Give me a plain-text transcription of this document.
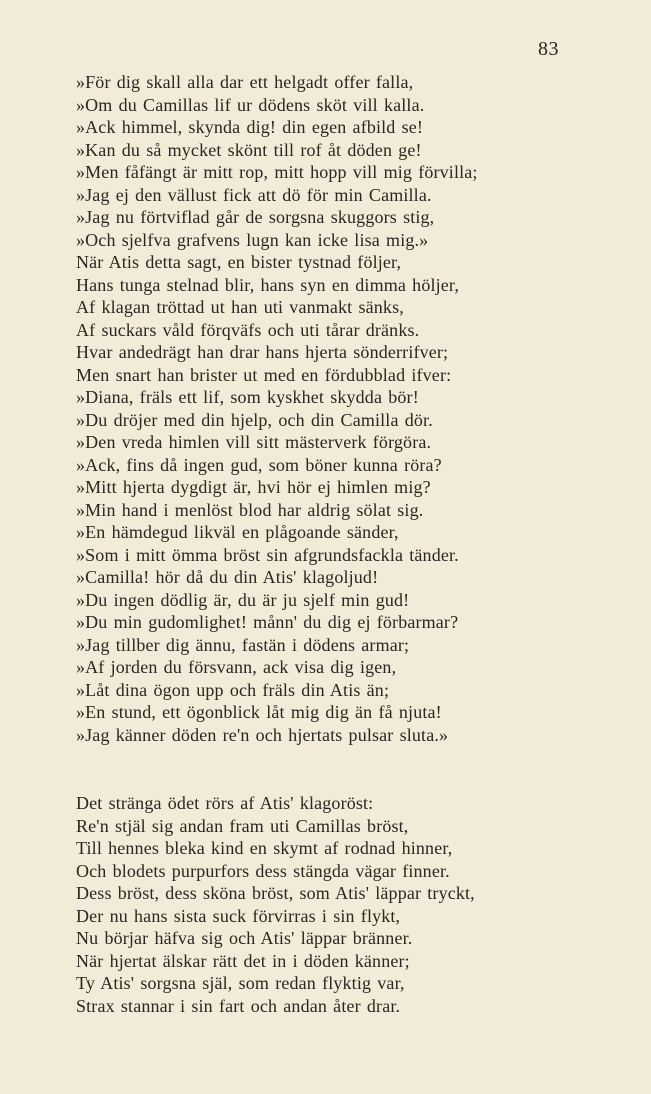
83
»För dig skall alla dar ett helgadt offer falla,
»Om du Camillas lif ur dödens sköt vill kalla.
»Ack himmel, skynda dig! din egen afbild se!
»Kan du så mycket skönt till rof åt döden ge!
»Men fåfängt är mitt rop, mitt hopp vill mig förvilla;
»Jag ej den vällust fick att dö för min Camilla.
»Jag nu förtviflad går de sorgsna skuggors stig,
»Och sjelfva grafvens lugn kan icke lisa mig.»
När Atis detta sagt, en bister tystnad följer,
Hans tunga stelnad blir, hans syn en dimma höljer,
Af klagan tröttad ut han uti vanmakt sänks,
Af suckars våld förqväfs och uti tårar dränks.
Hvar andedrägt han drar hans hjerta sönderrifver;
Men snart han brister ut med en fördubblad ifver:
»Diana, fräls ett lif, som kyskhet skydda bör!
»Du dröjer med din hjelp, och din Camilla dör.
»Den vreda himlen vill sitt mästerverk förgöra.
»Ack, fins då ingen gud, som böner kunna röra?
»Mitt hjerta dygdigt är, hvi hör ej himlen mig?
»Min hand i menlöst blod har aldrig sölat sig.
»En hämdegud likväl en plågoande sänder,
»Som i mitt ömma bröst sin afgrundsfackla tänder.
»Camilla! hör då du din Atis' klagoljud!
»Du ingen dödlig är, du är ju sjelf min gud!
»Du min gudomlighet! månn' du dig ej förbarmar?
»Jag tillber dig ännu, fastän i dödens armar;
»Af jorden du försvann, ack visa dig igen,
»Låt dina ögon upp och fräls din Atis än;
»En stund, ett ögonblick låt mig dig än få njuta!
»Jag känner döden re'n och hjertats pulsar sluta.»
Det stränga ödet rörs af Atis' klagoröst:
Re'n stjäl sig andan fram uti Camillas bröst,
Till hennes bleka kind en skymt af rodnad hinner,
Och blodets purpurfors dess stängda vägar finner.
Dess bröst, dess sköna bröst, som Atis' läppar tryckt,
Der nu hans sista suck förvirras i sin flykt,
Nu börjar häfva sig och Atis' läppar bränner.
När hjertat älskar rätt det in i döden känner;
Ty Atis' sorgsna själ, som redan flyktig var,
Strax stannar i sin fart och andan åter drar.
